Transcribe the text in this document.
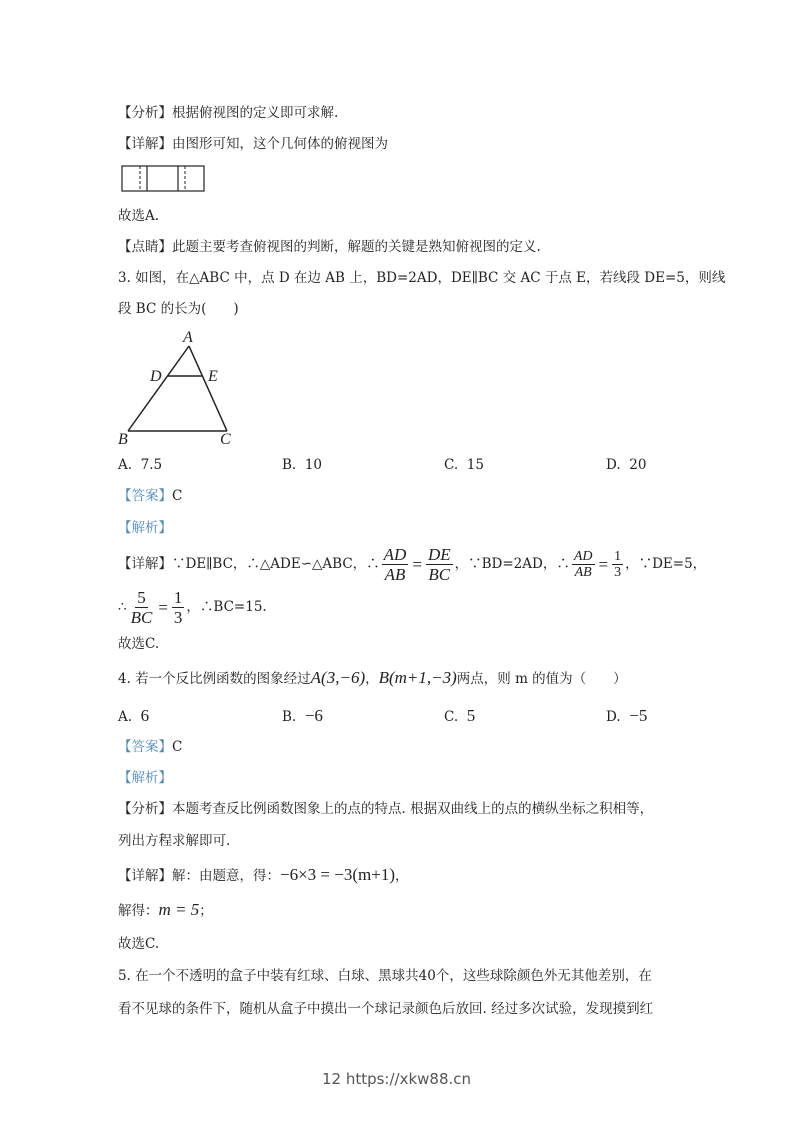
【分析】根据俯视图的定义即可求解.
【详解】由图形可知，这个几何体的俯视图为
故选A.
【点睛】此题主要考查俯视图的判断，解题的关键是熟知俯视图的定义.
3. 如图，在△ABC 中，点 D 在边 AB 上，BD=2AD，DE∥BC 交 AC 于点 E，若线段 DE=5，则线
段 BC 的长为(　　)
A
D	E
B	C
A. 7.5	B. 10	C. 15	D. 20
【答案】C
【解析】
【详解】∵DE∥BC，∴△ADE∽△ABC，∴ $\frac{AD}{AB} = \frac{DE}{BC}$ ，∵BD=2AD，∴ $\frac{AD}{AB} = \frac{1}{3}$ ，∵DE=5，
∴ $\frac{5}{BC} = \frac{1}{3}$ ，∴BC=15.
故选C.
4. 若一个反比例函数的图象经过A(3,−6)，B(m+1,−3)两点，则 m 的值为（　　）
A. 6	B. −6	C. 5	D. −5
【答案】C
【解析】
【分析】本题考查反比例函数图象上的点的特点. 根据双曲线上的点的横纵坐标之积相等，
列出方程求解即可.
【详解】解：由题意，得：−6×3 = −3(m+1)，
解得：m = 5；
故选C.
5. 在一个不透明的盒子中装有红球、白球、黑球共40个，这些球除颜色外无其他差别，在
看不见球的条件下，随机从盒子中摸出一个球记录颜色后放回. 经过多次试验，发现摸到红
12 https://xkw88.cn
